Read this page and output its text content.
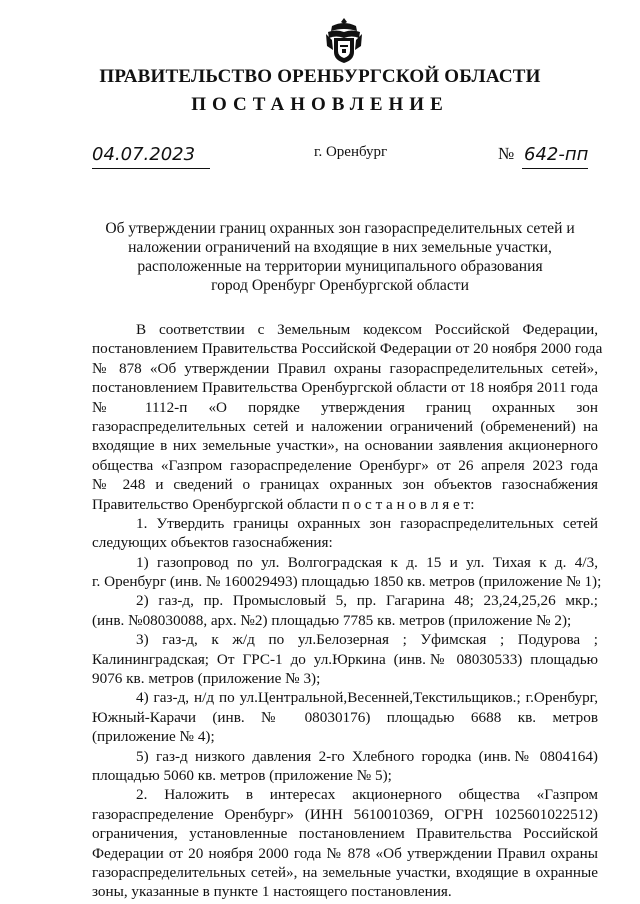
ПРАВИТЕЛЬСТВО ОРЕНБУРГСКОЙ ОБЛАСТИ
ПОСТАНОВЛЕНИЕ
04.07.2023	г. Оренбург	№ 642-пп
Об утверждении границ охранных зон газораспределительных сетей и
наложении ограничений на входящие в них земельные участки,
расположенные на территории муниципального образования
город Оренбург Оренбургской области
В соответствии с Земельным кодексом Российской Федерации,
постановлением Правительства Российской Федерации от 20 ноября 2000 года
№ 878 «Об утверждении Правил охраны газораспределительных сетей»,
постановлением Правительства Оренбургской области от 18 ноября 2011 года
№ 1112-п «О порядке утверждения границ охранных зон
газораспределительных сетей и наложении ограничений (обременений) на
входящие в них земельные участки», на основании заявления акционерного
общества «Газпром газораспределение Оренбург» от 26 апреля 2023 года
№ 248 и сведений о границах охранных зон объектов газоснабжения
Правительство Оренбургской области п о с т а н о в л я е т:
1. Утвердить границы охранных зон газораспределительных сетей
следующих объектов газоснабжения:
1) газопровод по ул. Волгоградская к д. 15 и ул. Тихая к д. 4/3,
г. Оренбург (инв. № 160029493) площадью 1850 кв. метров (приложение № 1);
2) газ-д, пр. Промысловый 5, пр. Гагарина 48; 23,24,25,26 мкр.;
(инв. №08030088, арх. №2) площадью 7785 кв. метров (приложение № 2);
3) газ-д, к ж/д по ул.Белозерная ; Уфимская ; Подурова ;
Калининградская; От ГРС-1 до ул.Юркина (инв.№ 08030533) площадью
9076 кв. метров (приложение № 3);
4) газ-д, н/д по ул.Центральной,Весенней,Текстильщиков.; г.Оренбург,
Южный-Карачи (инв. № 08030176) площадью 6688 кв. метров
(приложение № 4);
5) газ-д низкого давления 2-го Хлебного городка (инв.№ 0804164)
площадью 5060 кв. метров (приложение № 5);
2. Наложить в интересах акционерного общества «Газпром
газораспределение Оренбург» (ИНН 5610010369, ОГРН 1025601022512)
ограничения, установленные постановлением Правительства Российской
Федерации от 20 ноября 2000 года № 878 «Об утверждении Правил охраны
газораспределительных сетей», на земельные участки, входящие в охранные
зоны, указанные в пункте 1 настоящего постановления.
